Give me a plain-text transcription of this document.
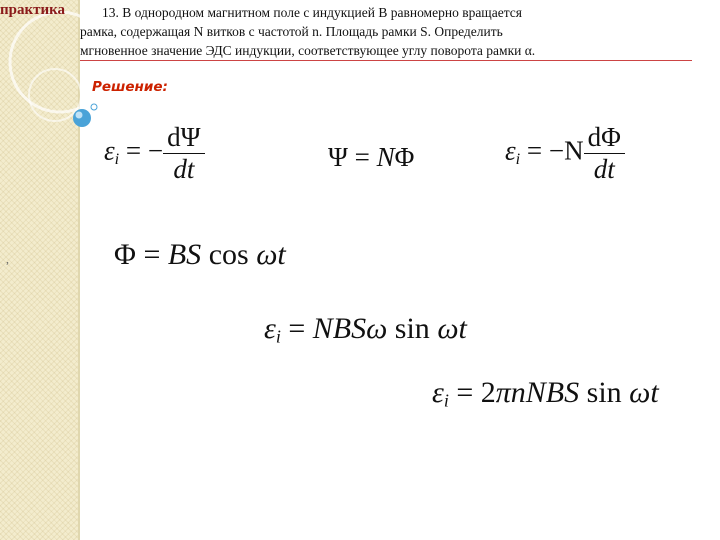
практика	13. В однородном магнитном поле с индукцией В равномерно вращается
рамка, содержащая N витков с частотой n. Площадь рамки S. Определить
мгновенное значение ЭДС индукции, соответствующее углу поворота рамки α.
Решение:
,
$\varepsilon_i$ = − $\frac{d\Psi}{dt}$	Ψ = NΦ	$\varepsilon_i = -N \frac{d\Phi}{dt}$
Φ = BS cos ωt
$\varepsilon_i = NBS\omega$ sin ωt
$\varepsilon_i$ = 2πnNBS sin ωt
